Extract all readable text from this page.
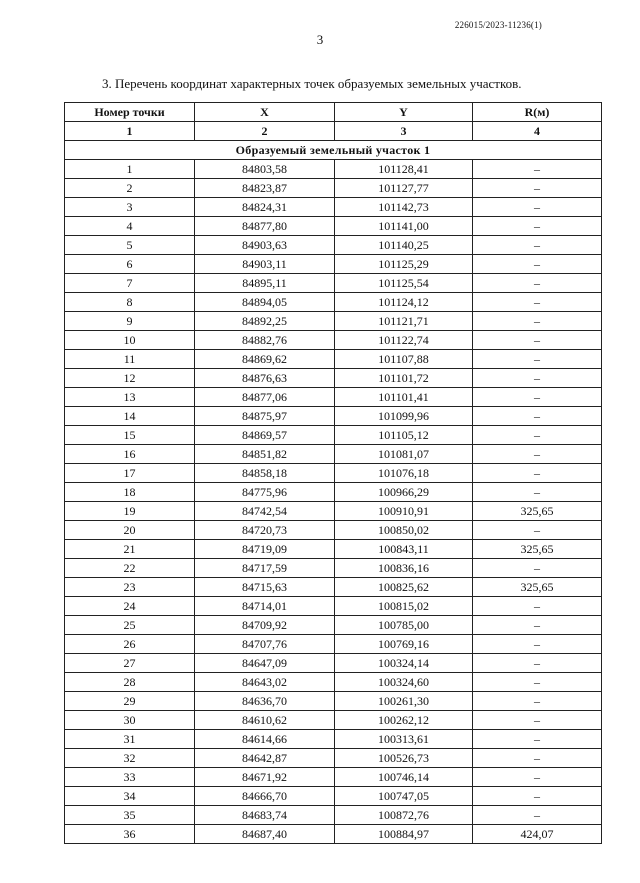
226015/2023-11236(1)
3
3. Перечень координат характерных точек образуемых земельных участков.
Номер точки	X	Y	R(м)
1	2	3	4
Образуемый земельный участок 1			
1	84803,58	101128,41	–
2	84823,87	101127,77	–
3	84824,31	101142,73	–
4	84877,80	101141,00	–
5	84903,63	101140,25	–
6	84903,11	101125,29	–
7	84895,11	101125,54	–
8	84894,05	101124,12	–
9	84892,25	101121,71	–
10	84882,76	101122,74	–
11	84869,62	101107,88	–
12	84876,63	101101,72	–
13	84877,06	101101,41	–
14	84875,97	101099,96	–
15	84869,57	101105,12	–
16	84851,82	101081,07	–
17	84858,18	101076,18	–
18	84775,96	100966,29	–
19	84742,54	100910,91	325,65
20	84720,73	100850,02	–
21	84719,09	100843,11	325,65
22	84717,59	100836,16	–
23	84715,63	100825,62	325,65
24	84714,01	100815,02	–
25	84709,92	100785,00	–
26	84707,76	100769,16	–
27	84647,09	100324,14	–
28	84643,02	100324,60	–
29	84636,70	100261,30	–
30	84610,62	100262,12	–
31	84614,66	100313,61	–
32	84642,87	100526,73	–
33	84671,92	100746,14	–
34	84666,70	100747,05	–
35	84683,74	100872,76	–
36	84687,40	100884,97	424,07
